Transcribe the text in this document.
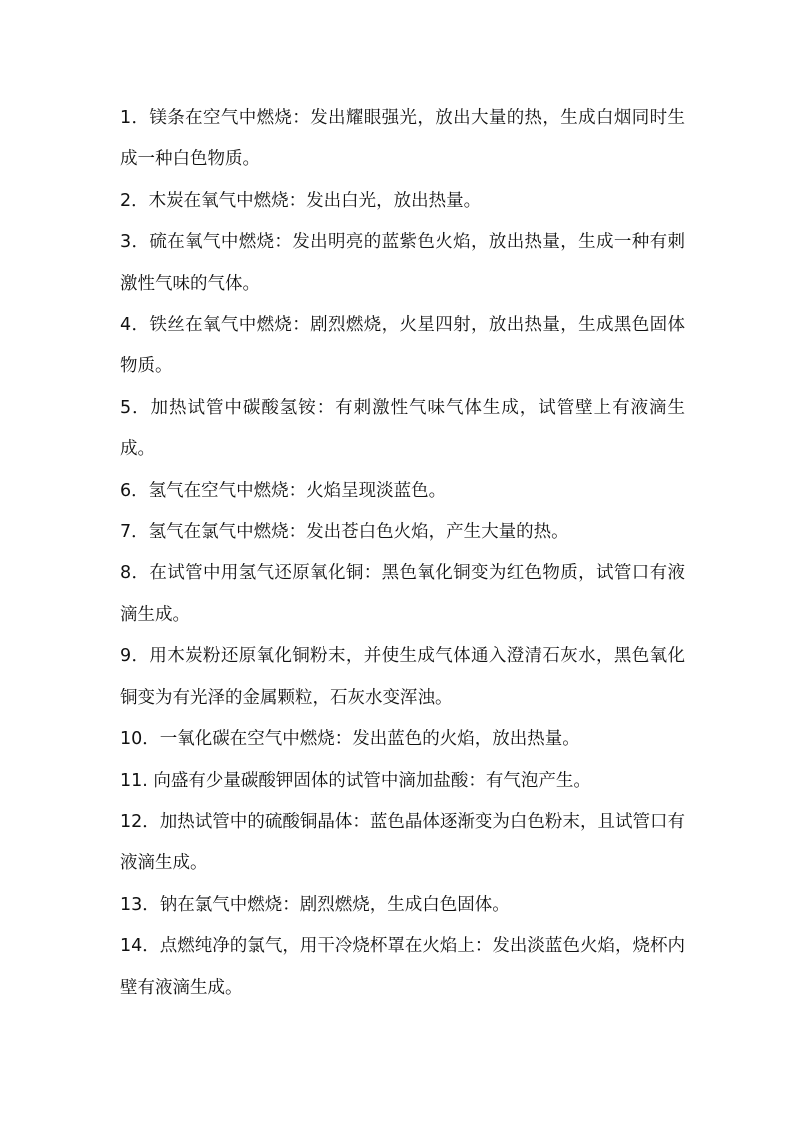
1．镁条在空气中燃烧：发出耀眼强光，放出大量的热，生成白烟同时生成一种白色物质。

2．木炭在氧气中燃烧：发出白光，放出热量。

3．硫在氧气中燃烧：发出明亮的蓝紫色火焰，放出热量，生成一种有刺激性气味的气体。

4．铁丝在氧气中燃烧：剧烈燃烧，火星四射，放出热量，生成黑色固体物质。

5．加热试管中碳酸氢铵：有刺激性气味气体生成，试管壁上有液滴生成。

6．氢气在空气中燃烧：火焰呈现淡蓝色。

7．氢气在氯气中燃烧：发出苍白色火焰，产生大量的热。

8．在试管中用氢气还原氧化铜：黑色氧化铜变为红色物质，试管口有液滴生成。

9．用木炭粉还原氧化铜粉末，并使生成气体通入澄清石灰水，黑色氧化铜变为有光泽的金属颗粒，石灰水变浑浊。

10．一氧化碳在空气中燃烧：发出蓝色的火焰，放出热量。

11. 向盛有少量碳酸钾固体的试管中滴加盐酸：有气泡产生。

12．加热试管中的硫酸铜晶体：蓝色晶体逐渐变为白色粉末，且试管口有液滴生成。

13．钠在氯气中燃烧：剧烈燃烧，生成白色固体。

14．点燃纯净的氯气，用干冷烧杯罩在火焰上：发出淡蓝色火焰，烧杯内壁有液滴生成。
